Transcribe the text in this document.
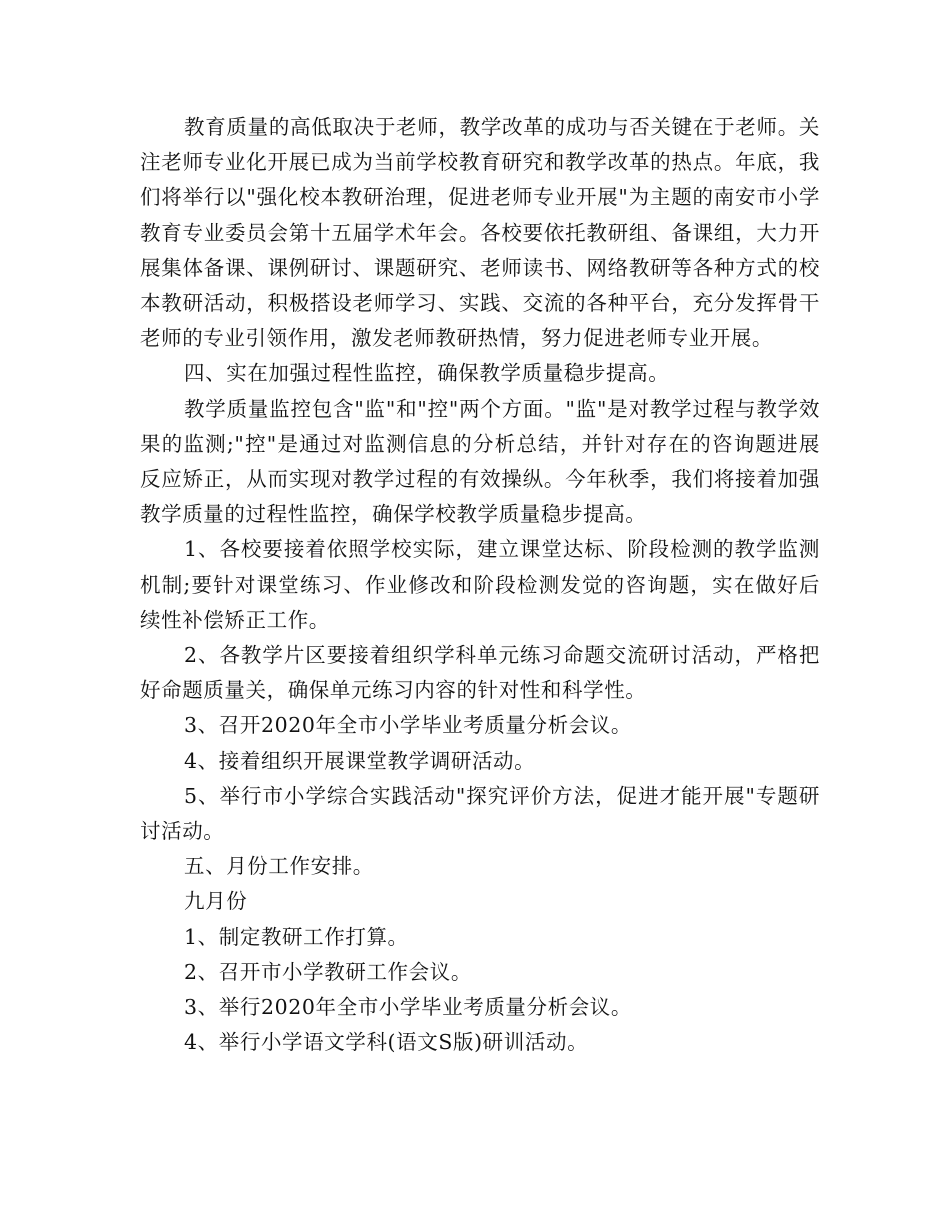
教育质量的高低取决于老师，教学改革的成功与否关键在于老师。关注老师专业化开展已成为当前学校教育研究和教学改革的热点。年底，我们将举行以"强化校本教研治理，促进老师专业开展"为主题的南安市小学教育专业委员会第十五届学术年会。各校要依托教研组、备课组，大力开展集体备课、课例研讨、课题研究、老师读书、网络教研等各种方式的校本教研活动，积极搭设老师学习、实践、交流的各种平台，充分发挥骨干老师的专业引领作用，激发老师教研热情，努力促进老师专业开展。

四、实在加强过程性监控，确保教学质量稳步提高。

教学质量监控包含"监"和"控"两个方面。"监"是对教学过程与教学效果的监测;"控"是通过对监测信息的分析总结，并针对存在的咨询题进展反应矫正，从而实现对教学过程的有效操纵。今年秋季，我们将接着加强教学质量的过程性监控，确保学校教学质量稳步提高。

1、各校要接着依照学校实际，建立课堂达标、阶段检测的教学监测机制;要针对课堂练习、作业修改和阶段检测发觉的咨询题，实在做好后续性补偿矫正工作。

2、各教学片区要接着组织学科单元练习命题交流研讨活动，严格把好命题质量关，确保单元练习内容的针对性和科学性。

3、召开2020年全市小学毕业考质量分析会议。

4、接着组织开展课堂教学调研活动。

5、举行市小学综合实践活动"探究评价方法，促进才能开展"专题研讨活动。

五、月份工作安排。

九月份

1、制定教研工作打算。

2、召开市小学教研工作会议。

3、举行2020年全市小学毕业考质量分析会议。

4、举行小学语文学科(语文S版)研训活动。
